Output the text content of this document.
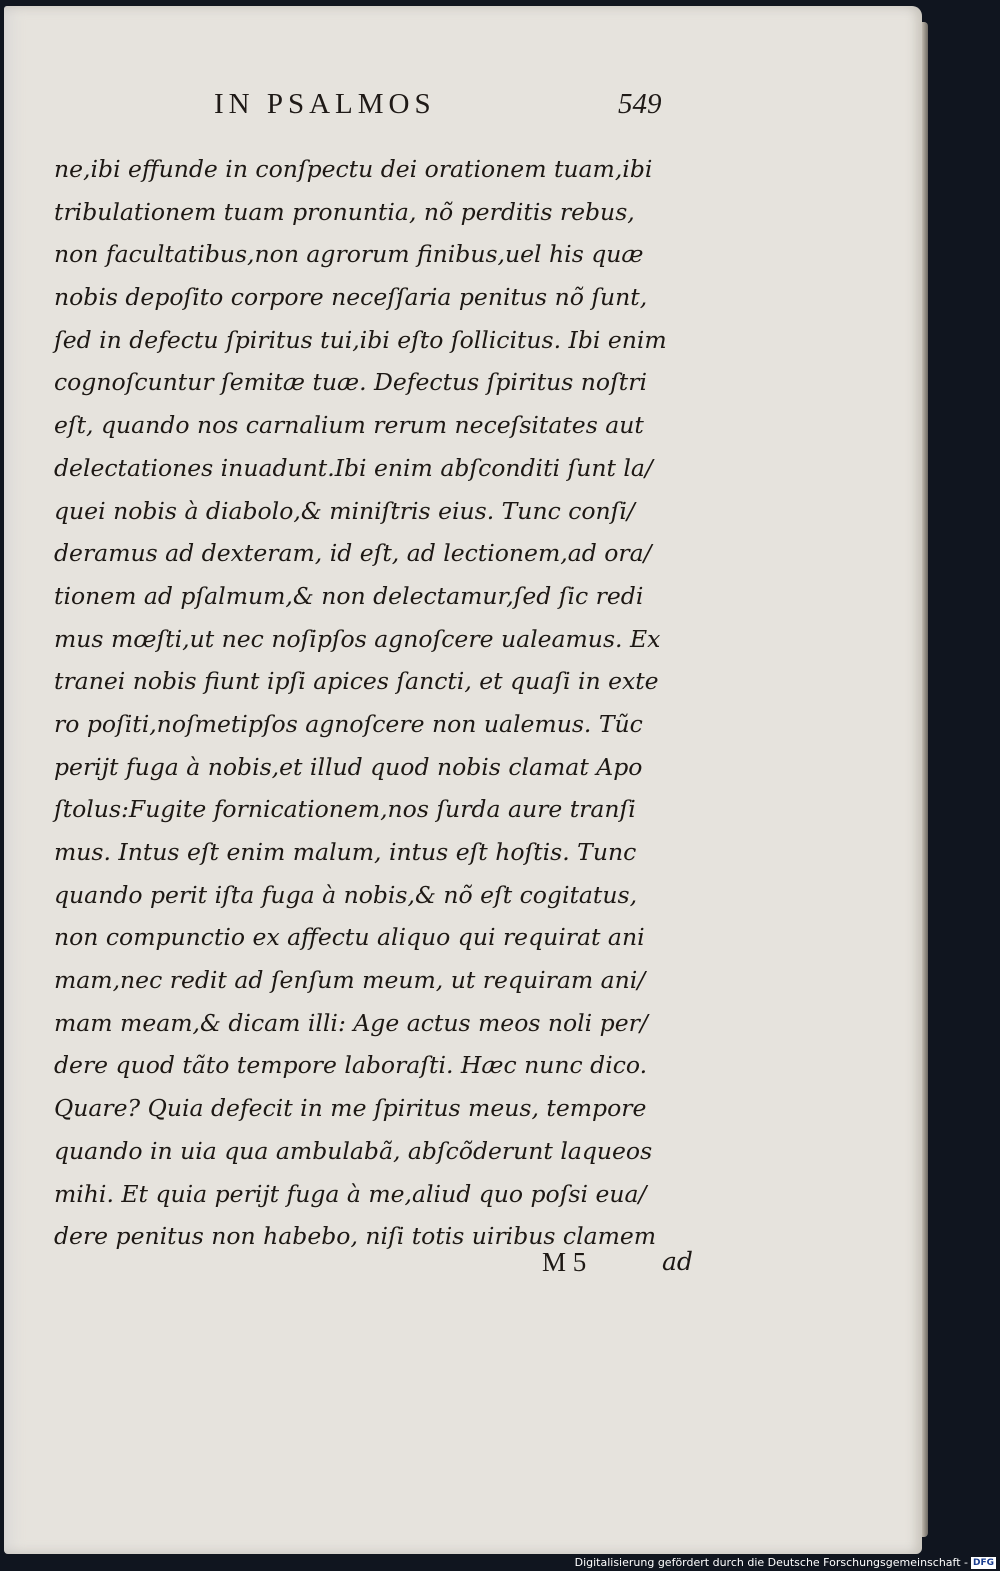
IN PSALMOS	549
ne,ibi effunde in conſpectu dei orationem tuam,ibi
tribulationem tuam pronuntia, nõ perditis rebus,
non facultatibus,non agrorum finibus,uel his quæ
nobis depoſito corpore neceſſaria penitus nõ ſunt,
ſed in defectu ſpiritus tui,ibi eſto ſollicitus. Ibi enim
cognoſcuntur ſemitæ tuæ. Defectus ſpiritus noſtri
eſt, quando nos carnalium rerum neceſsitates aut
delectationes inuadunt.Ibi enim abſconditi ſunt la/
quei nobis à diabolo,& miniſtris eius. Tunc conſi/
deramus ad dexteram, id eſt, ad lectionem,ad ora/
tionem ad pſalmum,& non delectamur,ſed ſic redi
mus mœſti,ut nec noſipſos agnoſcere ualeamus. Ex
tranei nobis fiunt ipſi apices ſancti, et quaſi in exte
ro poſiti,noſmetipſos agnoſcere non ualemus. Tũc
perijt fuga à nobis,et illud quod nobis clamat Apo
ſtolus:Fugite fornicationem,nos ſurda aure tranſi
mus. Intus eſt enim malum, intus eſt hoſtis. Tunc
quando perit iſta fuga à nobis,& nõ eſt cogitatus,
non compunctio ex affectu aliquo qui requirat ani
mam,nec redit ad ſenſum meum, ut requiram ani/
mam meam,& dicam illi: Age actus meos noli per/
dere quod tãto tempore laboraſti. Hæc nunc dico.
Quare? Quia defecit in me ſpiritus meus, tempore
quando in uia qua ambulabã, abſcõderunt laqueos
mihi. Et quia perijt fuga à me,aliud quo poſsi eua/
dere penitus non habebo, niſi totis uiribus clamem
M 5	ad
Digitalisierung gefördert durch die Deutsche Forschungsgemeinschaft - DFG
